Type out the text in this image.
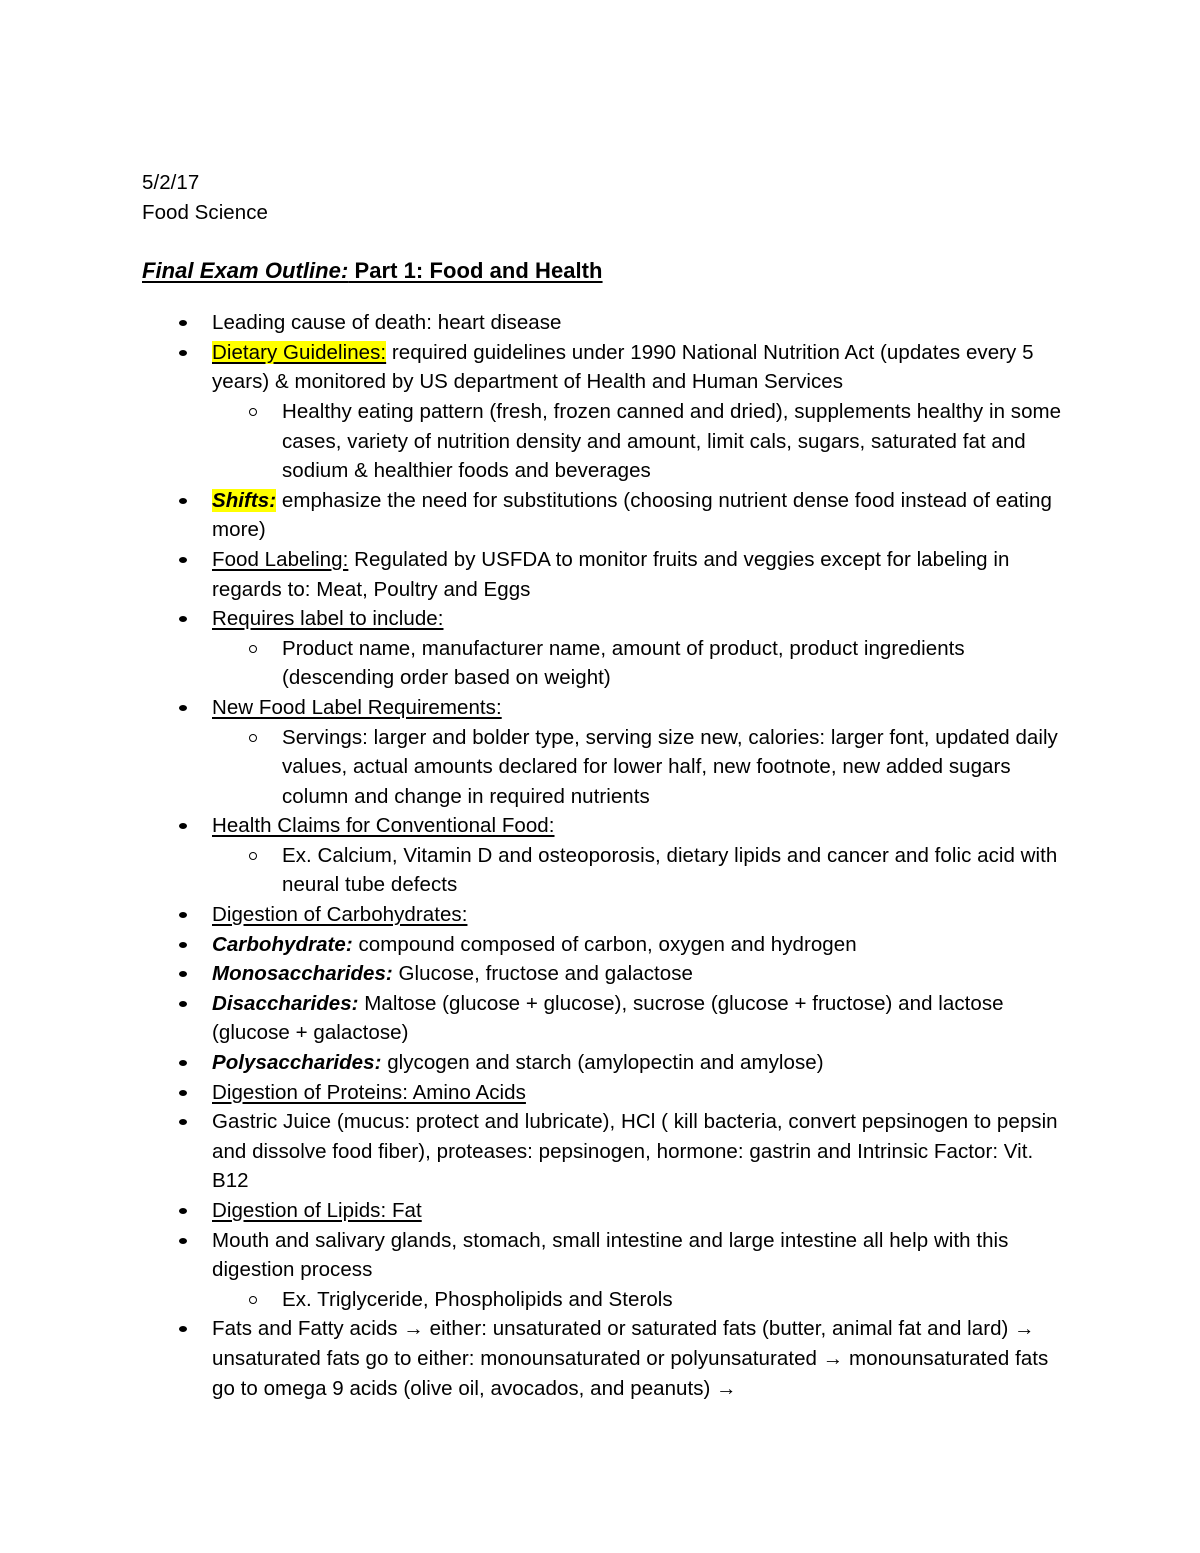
5/2/17

Food Science

Final Exam Outline: Part 1: Food and Health

Leading cause of death: heart disease
Dietary Guidelines: required guidelines under 1990 National Nutrition Act (updates every 5 years) & monitored by US department of Health and Human Services
Healthy eating pattern (fresh, frozen canned and dried), supplements healthy in some cases, variety of nutrition density and amount, limit cals, sugars, saturated fat and sodium & healthier foods and beverages
Shifts: emphasize the need for substitutions (choosing nutrient dense food instead of eating more)
Food Labeling: Regulated by USFDA to monitor fruits and veggies except for labeling in regards to: Meat, Poultry and Eggs
Requires label to include:
Product name, manufacturer name, amount of product, product ingredients (descending order based on weight)
New Food Label Requirements:
Servings: larger and bolder type, serving size new, calories: larger font, updated daily values, actual amounts declared for lower half, new footnote, new added sugars column and change in required nutrients
Health Claims for Conventional Food:
Ex. Calcium, Vitamin D and osteoporosis, dietary lipids and cancer and folic acid with neural tube defects
Digestion of Carbohydrates:
Carbohydrate: compound composed of carbon, oxygen and hydrogen
Monosaccharides: Glucose, fructose and galactose
Disaccharides: Maltose (glucose + glucose), sucrose (glucose + fructose) and lactose (glucose + galactose)
Polysaccharides: glycogen and starch (amylopectin and amylose)
Digestion of Proteins: Amino Acids
Gastric Juice (mucus: protect and lubricate), HCl ( kill bacteria, convert pepsinogen to pepsin and dissolve food fiber), proteases: pepsinogen, hormone: gastrin and Intrinsic Factor: Vit. B12
Digestion of Lipids: Fat
Mouth and salivary glands, stomach, small intestine and large intestine all help with this digestion process
Ex. Triglyceride, Phospholipids and Sterols
Fats and Fatty acids → either: unsaturated or saturated fats (butter, animal fat and lard) → unsaturated fats go to either: monounsaturated or polyunsaturated → monounsaturated fats go to omega 9 acids (olive oil, avocados, and peanuts) →
